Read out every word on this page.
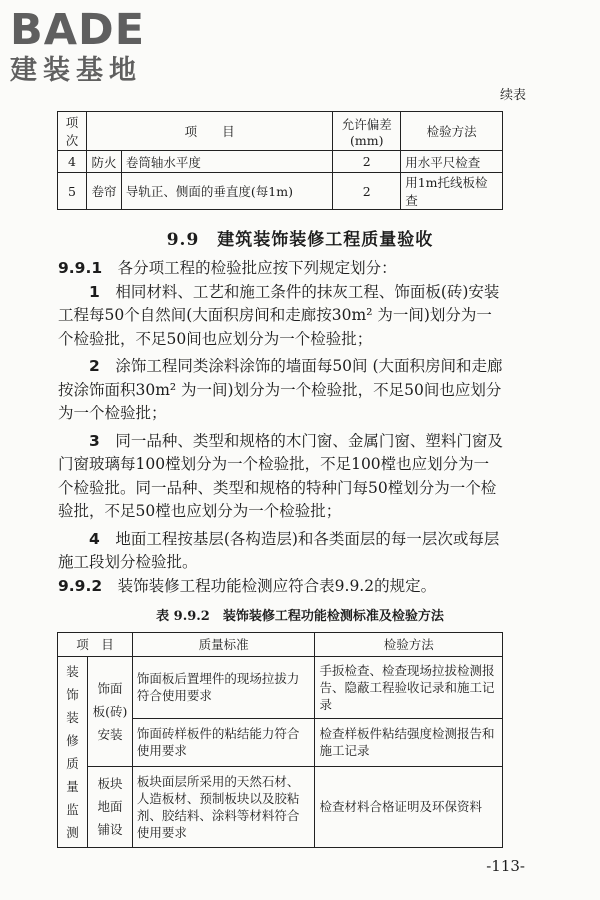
BADE
建装基地
续表
项次	项　　目		允许偏差(mm)	检验方法
4	防火	卷筒轴水平度	2	用水平尺检查
5	卷帘	导轨正、侧面的垂直度(每1m)	2	用1m托线板检查
9.9　 建筑装饰装修工程质量验收
9.9.1　 各分项工程的检验批应按下列规定划分：
1　 相同材料、工艺和施工条件的抹灰工程、饰面板(砖)安装工程每50个自然间(大面积房间和走廊按30m² 为一间)划分为一个检验批，不足50间也应划分为一个检验批；
2　 涂饰工程同类涂料涂饰的墙面每50间 (大面积房间和走廊按涂饰面积30m² 为一间)划分为一个检验批，不足50间也应划分为一个检验批；
3　 同一品种、类型和规格的木门窗、金属门窗、塑料门窗及门窗玻璃每100樘划分为一个检验批，不足100樘也应划分为一个检验批。同一品种、类型和规格的特种门每50樘划分为一个检验批，不足50樘也应划分为一个检验批；
4　 地面工程按基层(各构造层)和各类面层的每一层次或每层施工段划分检验批。
9.9.2　 装饰装修工程功能检测应符合表9.9.2的规定。
表 9.9.2　装饰装修工程功能检测标准及检验方法
项　目		质量标准	检验方法
装饰装修质量监测	饰面板(砖)安装	饰面板后置埋件的现场拉拔力符合使用要求	手扳检查、检查现场拉拔检测报告、隐蔽工程验收记录和施工记录
		饰面砖样板件的粘结能力符合使用要求	检查样板件粘结强度检测报告和施工记录
	板块地面铺设	板块面层所采用的天然石材、人造板材、预制板块以及胶粘剂、胶结料、涂料等材料符合使用要求	检查材料合格证明及环保资料
-113-
